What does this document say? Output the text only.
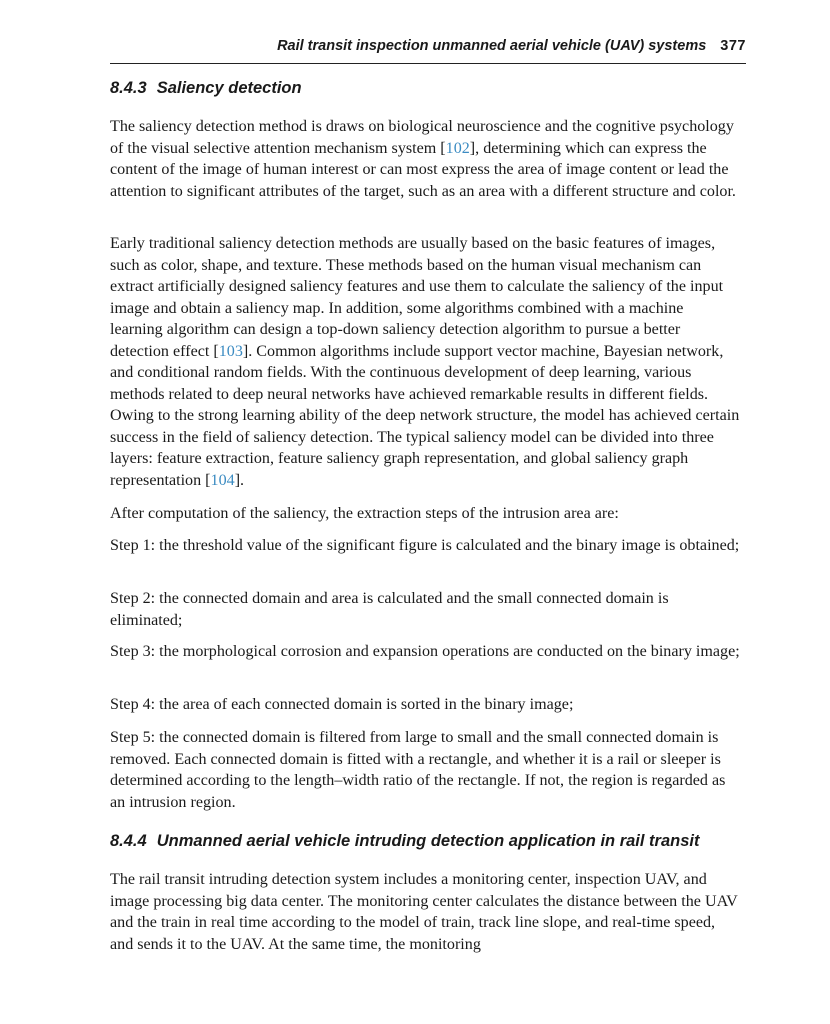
Rail transit inspection unmanned aerial vehicle (UAV) systems 377
8.4.3 Saliency detection

The saliency detection method is draws on biological neuroscience and the cognitive psychology of the visual selective attention mechanism system [102], determining which can express the content of the image of human interest or can most express the area of image content or lead the attention to significant attributes of the target, such as an area with a different structure and color.

Early traditional saliency detection methods are usually based on the basic features of images, such as color, shape, and texture. These methods based on the human visual mechanism can extract artificially designed saliency features and use them to calculate the saliency of the input image and obtain a saliency map. In addition, some algorithms combined with a machine learning algorithm can design a top-down saliency detection algorithm to pursue a better detection effect [103]. Common algorithms include support vector machine, Bayesian network, and conditional random fields. With the continuous development of deep learning, various methods related to deep neural networks have achieved remarkable results in different fields. Owing to the strong learning ability of the deep network structure, the model has achieved certain success in the field of saliency detection. The typical saliency model can be divided into three layers: feature extraction, feature saliency graph representation, and global saliency graph representation [104].

After computation of the saliency, the extraction steps of the intrusion area are:

Step 1: the threshold value of the significant figure is calculated and the binary image is obtained;

Step 2: the connected domain and area is calculated and the small connected domain is eliminated;

Step 3: the morphological corrosion and expansion operations are conducted on the binary image;

Step 4: the area of each connected domain is sorted in the binary image;

Step 5: the connected domain is filtered from large to small and the small connected domain is removed. Each connected domain is fitted with a rectangle, and whether it is a rail or sleeper is determined according to the length–width ratio of the rectangle. If not, the region is regarded as an intrusion region.

8.4.4 Unmanned aerial vehicle intruding detection application in rail transit

The rail transit intruding detection system includes a monitoring center, inspection UAV, and image processing big data center. The monitoring center calculates the distance between the UAV and the train in real time according to the model of train, track line slope, and real-time speed, and sends it to the UAV. At the same time, the monitoring
